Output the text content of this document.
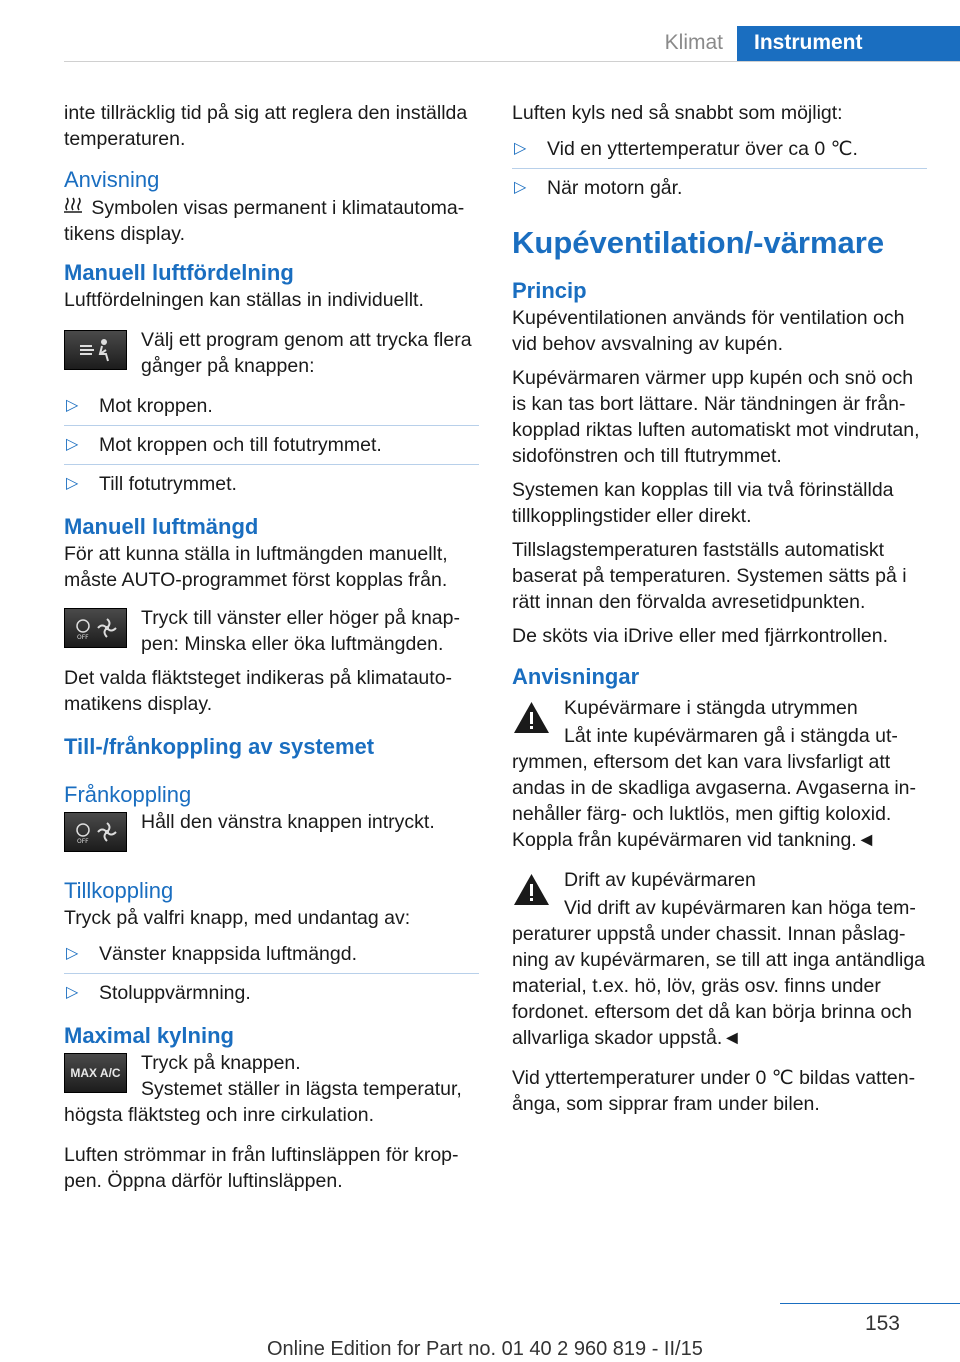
Klimat	Instrument

inte tillräcklig tid på sig att reglera den inställda temperaturen.

Anvisning

Symbolen visas permanent i klimatautomatikens display.

Manuell luftfördelning

Luftfördelningen kan ställas in individuellt.

Välj ett program genom att trycka flera gånger på knappen:

▷ Mot kroppen.
▷ Mot kroppen och till fotutrymmet.
▷ Till fotutrymmet.
Manuell luftmängd

För att kunna ställa in luftmängden manuellt, måste AUTO-programmet först kopplas från.

OFF

Tryck till vänster eller höger på knappen: Minska eller öka luftmängden.

Det valda fläktsteget indikeras på klimatautomatikens display.

Till-/frånkoppling av systemet
Frånkoppling
OFF

Håll den vänstra knappen intryckt.

Tillkoppling

Tryck på valfri knapp, med undantag av:

▷ Vänster knappsida luftmängd.
▷ Stoluppvärmning.
Maximal kylning
MAX A/C	Tryck på knappen.

Systemet ställer in lägsta temperatur, högsta fläktsteg och inre cirkulation.

Luften strömmar in från luftinsläppen för kroppen. Öppna därför luftinsläppen.

Luften kyls ned så snabbt som möjligt:

▷ Vid en yttertemperatur över ca 0 ℃.
▷ När motorn går.
Kupéventilation/-värmare
Princip

Kupéventilationen används för ventilation och vid behov avsvalning av kupén.

Kupévärmaren värmer upp kupén och snö och is kan tas bort lättare. När tändningen är frånkopplad riktas luften automatiskt mot vindrutan, sidofönstren och till ftutrymmet.

Systemen kan kopplas till via två förinställda tillkopplingstider eller direkt.

Tillslagstemperaturen fastställs automatiskt baserat på temperaturen. Systemen sätts på i rätt innan den förvalda avresetidpunkten.

De sköts via iDrive eller med fjärrkontrollen.

Anvisningar

Kupévärmare i stängda utrymmen

Låt inte kupévärmaren gå i stängda utrymmen, eftersom det kan vara livsfarligt att andas in de skadliga avgaserna. Avgaserna innehåller färg- och luktlös, men giftig koloxid. Koppla från kupévärmaren vid tankning.◄

Drift av kupévärmaren

Vid drift av kupévärmaren kan höga temperaturer uppstå under chassit. Innan påslagning av kupévärmaren, se till att inga antändliga material, t.ex. hö, löv, gräs osv. finns under fordonet. eftersom det då kan börja brinna och allvarliga skador uppstå.◄

Vid yttertemperaturer under 0 ℃ bildas vattenånga, som sipprar fram under bilen.

153
Online Edition for Part no. 01 40 2 960 819 - II/15
